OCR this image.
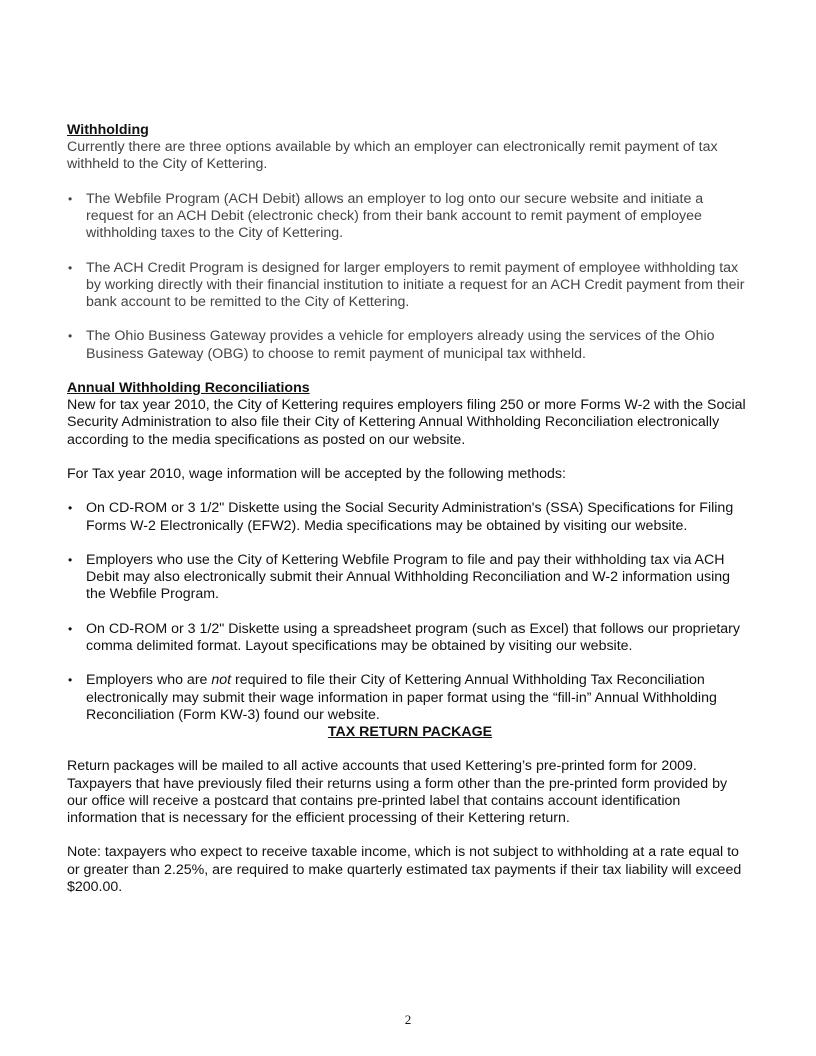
Withholding

Currently there are three options available by which an employer can electronically remit payment of tax withheld to the City of Kettering.

• The Webfile Program (ACH Debit) allows an employer to log onto our secure website and initiate a request for an ACH Debit (electronic check) from their bank account to remit payment of employee withholding taxes to the City of Kettering.
• The ACH Credit Program is designed for larger employers to remit payment of employee withholding tax by working directly with their financial institution to initiate a request for an ACH Credit payment from their bank account to be remitted to the City of Kettering.
• The Ohio Business Gateway provides a vehicle for employers already using the services of the Ohio Business Gateway (OBG) to choose to remit payment of municipal tax withheld.

Annual Withholding Reconciliations

New for tax year 2010, the City of Kettering requires employers filing 250 or more Forms W-2 with the Social Security Administration to also file their City of Kettering Annual Withholding Reconciliation electronically according to the media specifications as posted on our website.

For Tax year 2010, wage information will be accepted by the following methods:

• On CD-ROM or 3 1/2" Diskette using the Social Security Administration's (SSA) Specifications for Filing Forms W-2 Electronically (EFW2). Media specifications may be obtained by visiting our website.
• Employers who use the City of Kettering Webfile Program to file and pay their withholding tax via ACH Debit may also electronically submit their Annual Withholding Reconciliation and W-2 information using the Webfile Program.
• On CD-ROM or 3 1/2" Diskette using a spreadsheet program (such as Excel) that follows our proprietary comma delimited format. Layout specifications may be obtained by visiting our website.
• Employers who are not required to file their City of Kettering Annual Withholding Tax Reconciliation electronically may submit their wage information in paper format using the “fill-in” Annual Withholding Reconciliation (Form KW-3) found our website.

TAX RETURN PACKAGE

Return packages will be mailed to all active accounts that used Kettering’s pre-printed form for 2009. Taxpayers that have previously filed their returns using a form other than the pre-printed form provided by our office will receive a postcard that contains pre-printed label that contains account identification information that is necessary for the efficient processing of their Kettering return.

Note: taxpayers who expect to receive taxable income, which is not subject to withholding at a rate equal to or greater than 2.25%, are required to make quarterly estimated tax payments if their tax liability will exceed $200.00.

2
